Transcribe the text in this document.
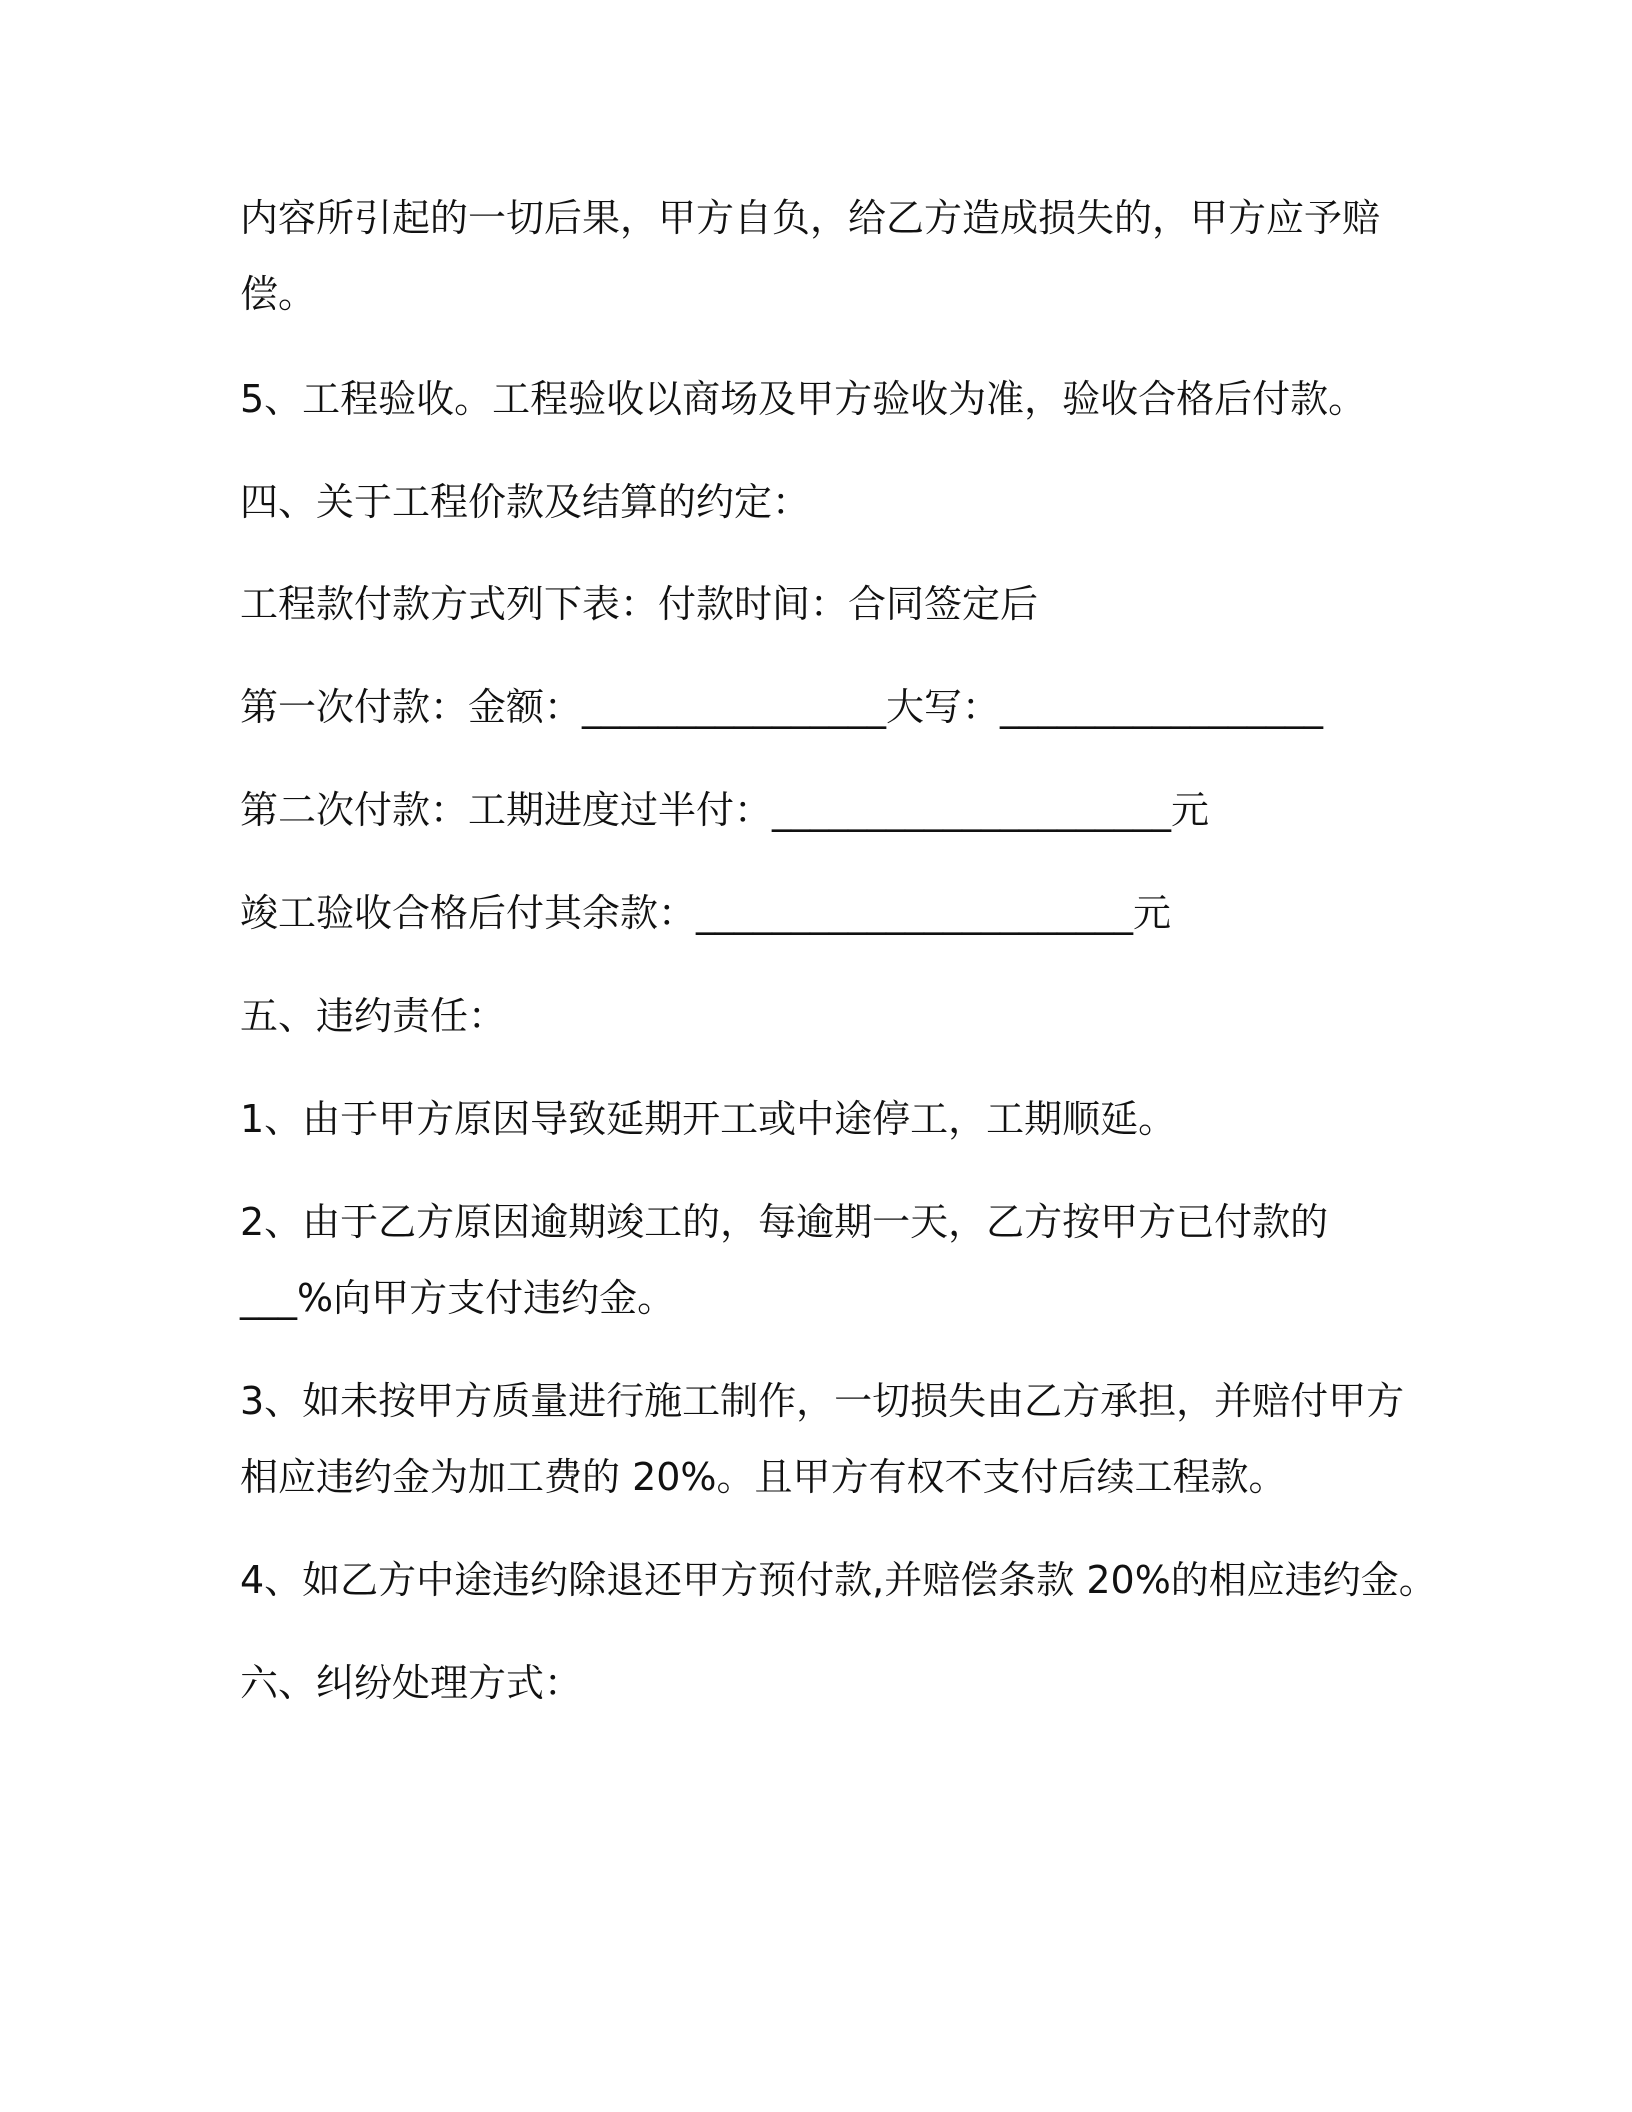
内容所引起的一切后果，甲方自负，给乙方造成损失的，甲方应予赔
偿。
5、工程验收。工程验收以商场及甲方验收为准，验收合格后付款。
四、关于工程价款及结算的约定：
工程款付款方式列下表：付款时间：合同签定后
第一次付款：金额：________________大写：_________________
第二次付款：工期进度过半付：_____________________元
竣工验收合格后付其余款：_______________________元
五、违约责任：
1、由于甲方原因导致延期开工或中途停工，工期顺延。
2、由于乙方原因逾期竣工的，每逾期一天，乙方按甲方已付款的
___%向甲方支付违约金。
3、如未按甲方质量进行施工制作，一切损失由乙方承担，并赔付甲方
相应违约金为加工费的 20%。且甲方有权不支付后续工程款。
4、如乙方中途违约除退还甲方预付款,并赔偿条款 20%的相应违约金。
六、纠纷处理方式：
